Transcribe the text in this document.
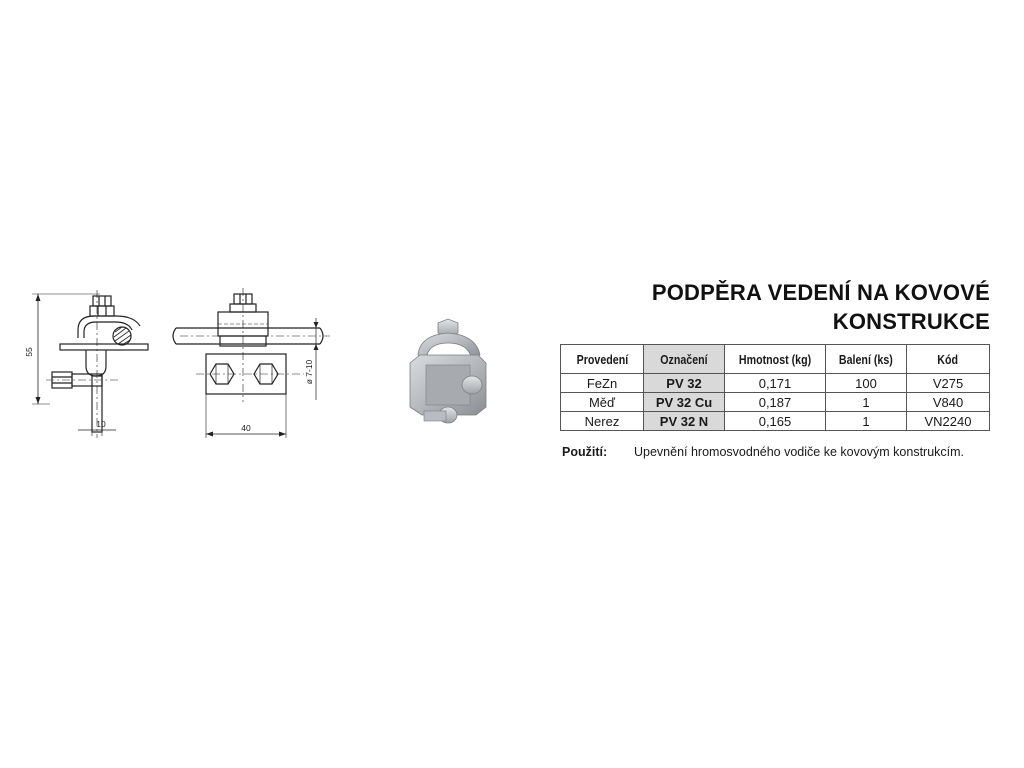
55
10	40
ø 7-10
PODPĚRA VEDENÍ NA KOVOVÉ
KONSTRUKCE
Provedení	Označení	Hmotnost (kg)	Balení (ks)	Kód
FeZn	PV 32	0,171	100	V275
Měď	PV 32 Cu	0,187	1	V840
Nerez	PV 32 N	0,165	1	VN2240
Použití: Upevnění hromosvodného vodiče ke kovovým konstrukcím.
